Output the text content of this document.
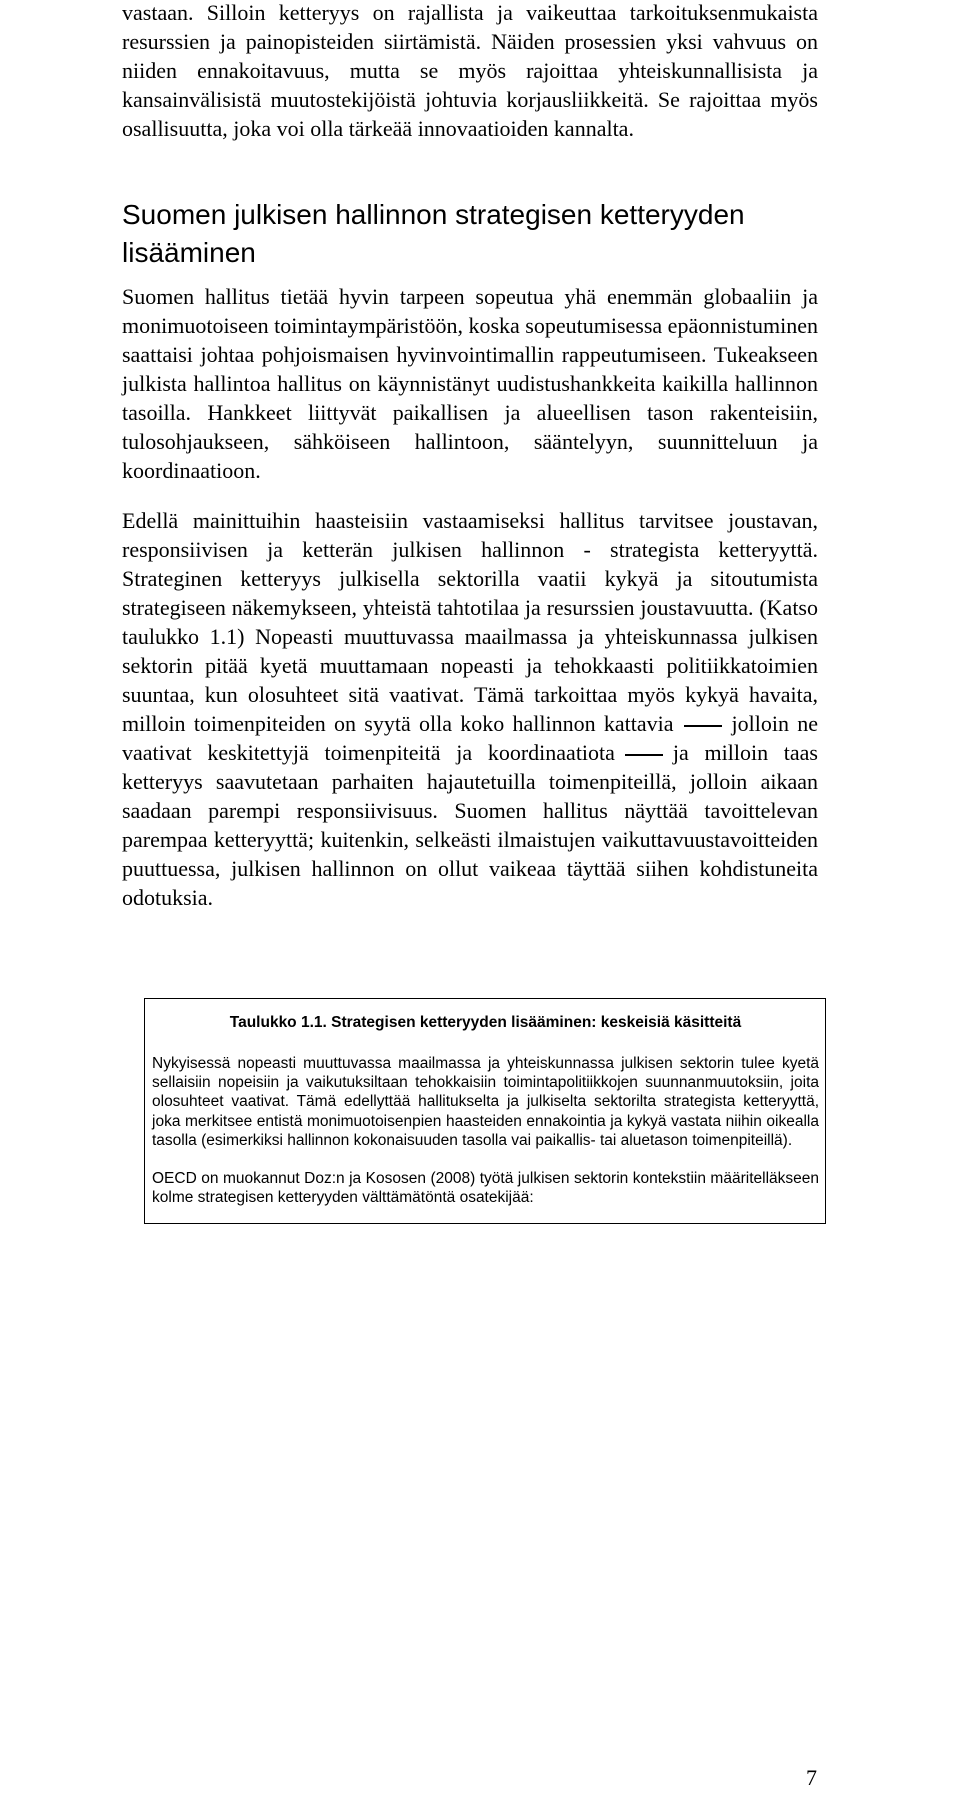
vastaan. Silloin ketteryys on rajallista ja vaikeuttaa tarkoituksenmukaista resurssien ja painopisteiden siirtämistä. Näiden prosessien yksi vahvuus on niiden ennakoitavuus, mutta se myös rajoittaa yhteiskunnallisista ja kansainvälisistä muutostekijöistä johtuvia korjausliikkeitä. Se rajoittaa myös osallisuutta, joka voi olla tärkeää innovaatioiden kannalta.

Suomen julkisen hallinnon strategisen ketteryyden lisääminen

Suomen hallitus tietää hyvin tarpeen sopeutua yhä enemmän globaaliin ja monimuotoiseen toimintaympäristöön, koska sopeutumisessa epäonnistuminen saattaisi johtaa pohjoismaisen hyvinvointimallin rappeutumiseen. Tukeakseen julkista hallintoa hallitus on käynnistänyt uudistushankkeita kaikilla hallinnon tasoilla. Hankkeet liittyvät paikallisen ja alueellisen tason rakenteisiin, tulosohjaukseen, sähköiseen hallintoon, sääntelyyn, suunnitteluun ja koordinaatioon.

Edellä mainittuihin haasteisiin vastaamiseksi hallitus tarvitsee joustavan, responsiivisen ja ketterän julkisen hallinnon - strategista ketteryyttä. Strateginen ketteryys julkisella sektorilla vaatii kykyä ja sitoutumista strategiseen näkemykseen, yhteistä tahtotilaa ja resurssien joustavuutta. (Katso taulukko 1.1) Nopeasti muuttuvassa maailmassa ja yhteiskunnassa julkisen sektorin pitää kyetä muuttamaan nopeasti ja tehokkaasti politiikkatoimien suuntaa, kun olosuhteet sitä vaativat. Tämä tarkoittaa myös kykyä havaita, milloin toimenpiteiden on syytä olla koko hallinnon kattavia	jolloin ne vaativat keskitettyjä toimenpiteitä ja koordinaatiota	ja milloin taas ketteryys saavutetaan parhaiten hajautetuilla toimenpiteillä, jolloin aikaan saadaan parempi responsiivisuus. Suomen hallitus näyttää tavoittelevan parempaa ketteryyttä; kuitenkin, selkeästi ilmaistujen vaikuttavuustavoitteiden puuttuessa, julkisen hallinnon on ollut vaikeaa täyttää siihen kohdistuneita odotuksia.

Taulukko 1.1. Strategisen ketteryyden lisääminen: keskeisiä käsitteitä

Nykyisessä nopeasti muuttuvassa maailmassa ja yhteiskunnassa julkisen sektorin tulee kyetä sellaisiin nopeisiin ja vaikutuksiltaan tehokkaisiin toimintapolitiikkojen suunnanmuutoksiin, joita olosuhteet vaativat. Tämä edellyttää hallitukselta ja julkiselta sektorilta strategista ketteryyttä, joka merkitsee entistä monimuotoisenpien haasteiden ennakointia ja kykyä vastata niihin oikealla tasolla (esimerkiksi hallinnon kokonaisuuden tasolla vai paikallis- tai aluetason toimenpiteillä).

OECD on muokannut Doz:n ja Kososen (2008) työtä julkisen sektorin kontekstiin määritelläkseen kolme strategisen ketteryyden välttämätöntä osatekijää:

7
